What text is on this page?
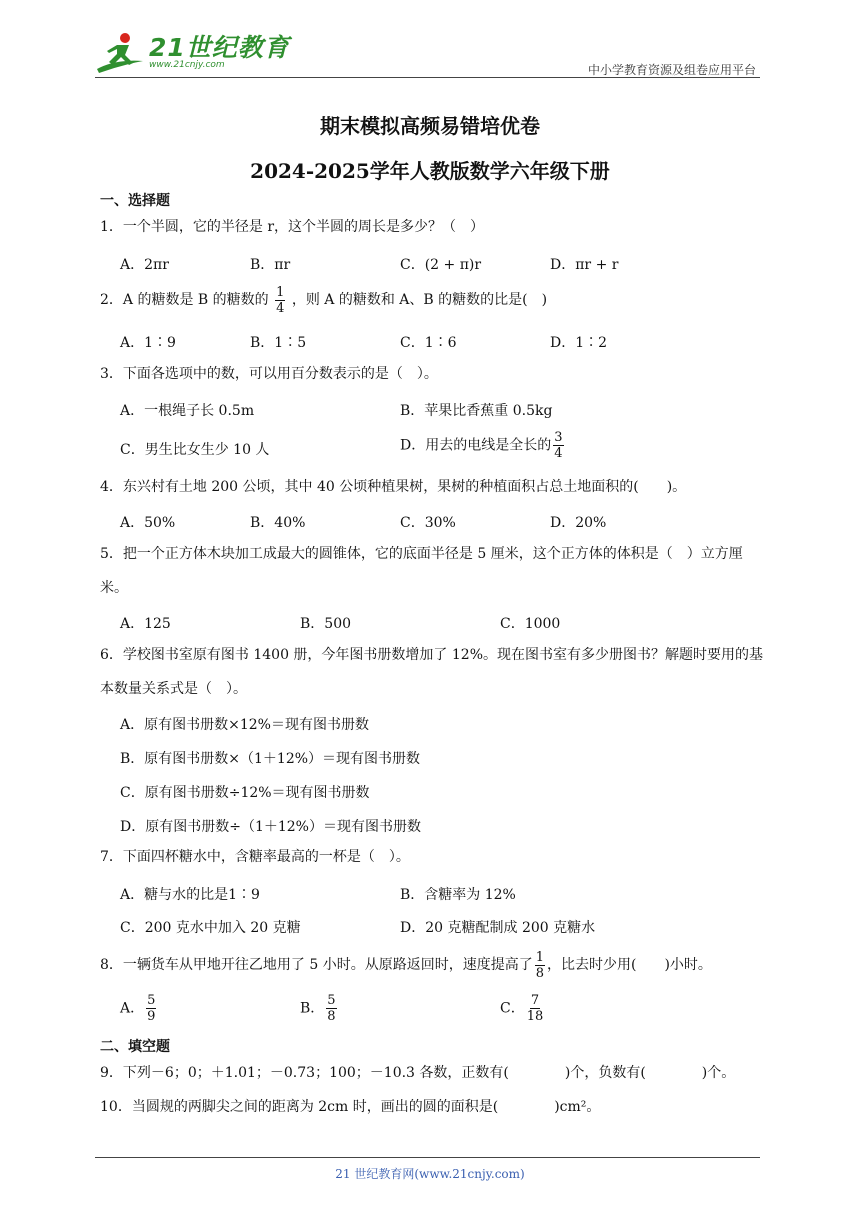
21世纪教育
www.21cnjy.com	中小学教育资源及组卷应用平台
期末模拟高频易错培优卷
2024-2025学年人教版数学六年级下册
一、选择题
1．一个半圆，它的半径是 r，这个半圆的周长是多少？（　）
A．2πr	B．πr	C．(2 + π)r	D．πr + r
2．A 的糖数是 B 的糖数的 $\frac{1}{4}$ ，则 A 的糖数和 A、B 的糖数的比是(　)
A．1∶9	B．1∶5	C．1∶6	D．1∶2
3．下面各选项中的数，可以用百分数表示的是（　）。
A．一根绳子长 0.5m	B．苹果比香蕉重 0.5kg
C．男生比女生少 10 人	D．用去的电线是全长的 $\frac{3}{4}$
4．东兴村有土地 200 公顷，其中 40 公顷种植果树，果树的种植面积占总土地面积的(　　)。
A．50%	B．40%	C．30%	D．20%
5．把一个正方体木块加工成最大的圆锥体，它的底面半径是 5 厘米，这个正方体的体积是（　）立方厘米。
A．125	B．500	C．1000
6．学校图书室原有图书 1400 册，今年图书册数增加了 12%。现在图书室有多少册图书？解题时要用的基本数量关系式是（　）。
A．原有图书册数×12%＝现有图书册数
B．原有图书册数×（1＋12%）＝现有图书册数
C．原有图书册数÷12%＝现有图书册数
D．原有图书册数÷（1＋12%）＝现有图书册数
7．下面四杯糖水中，含糖率最高的一杯是（　）。
A．糖与水的比是1∶9	B．含糖率为 12%
C．200 克水中加入 20 克糖	D．20 克糖配制成 200 克糖水
8．一辆货车从甲地开往乙地用了 5 小时。从原路返回时，速度提高了 $\frac{1}{8}$ ，比去时少用(　　)小时。
A． $\frac{5}{9}$	B． $\frac{5}{8}$	C． $\frac{7}{18}$
二、填空题
9．下列－6；0；＋1.01；－0.73；100；－10.3 各数，正数有(　　　　)个，负数有(　　　　)个。
10．当圆规的两脚尖之间的距离为 2cm 时，画出的圆的面积是(　　　　)cm²。
21 世纪教育网(www.21cnjy.com)
